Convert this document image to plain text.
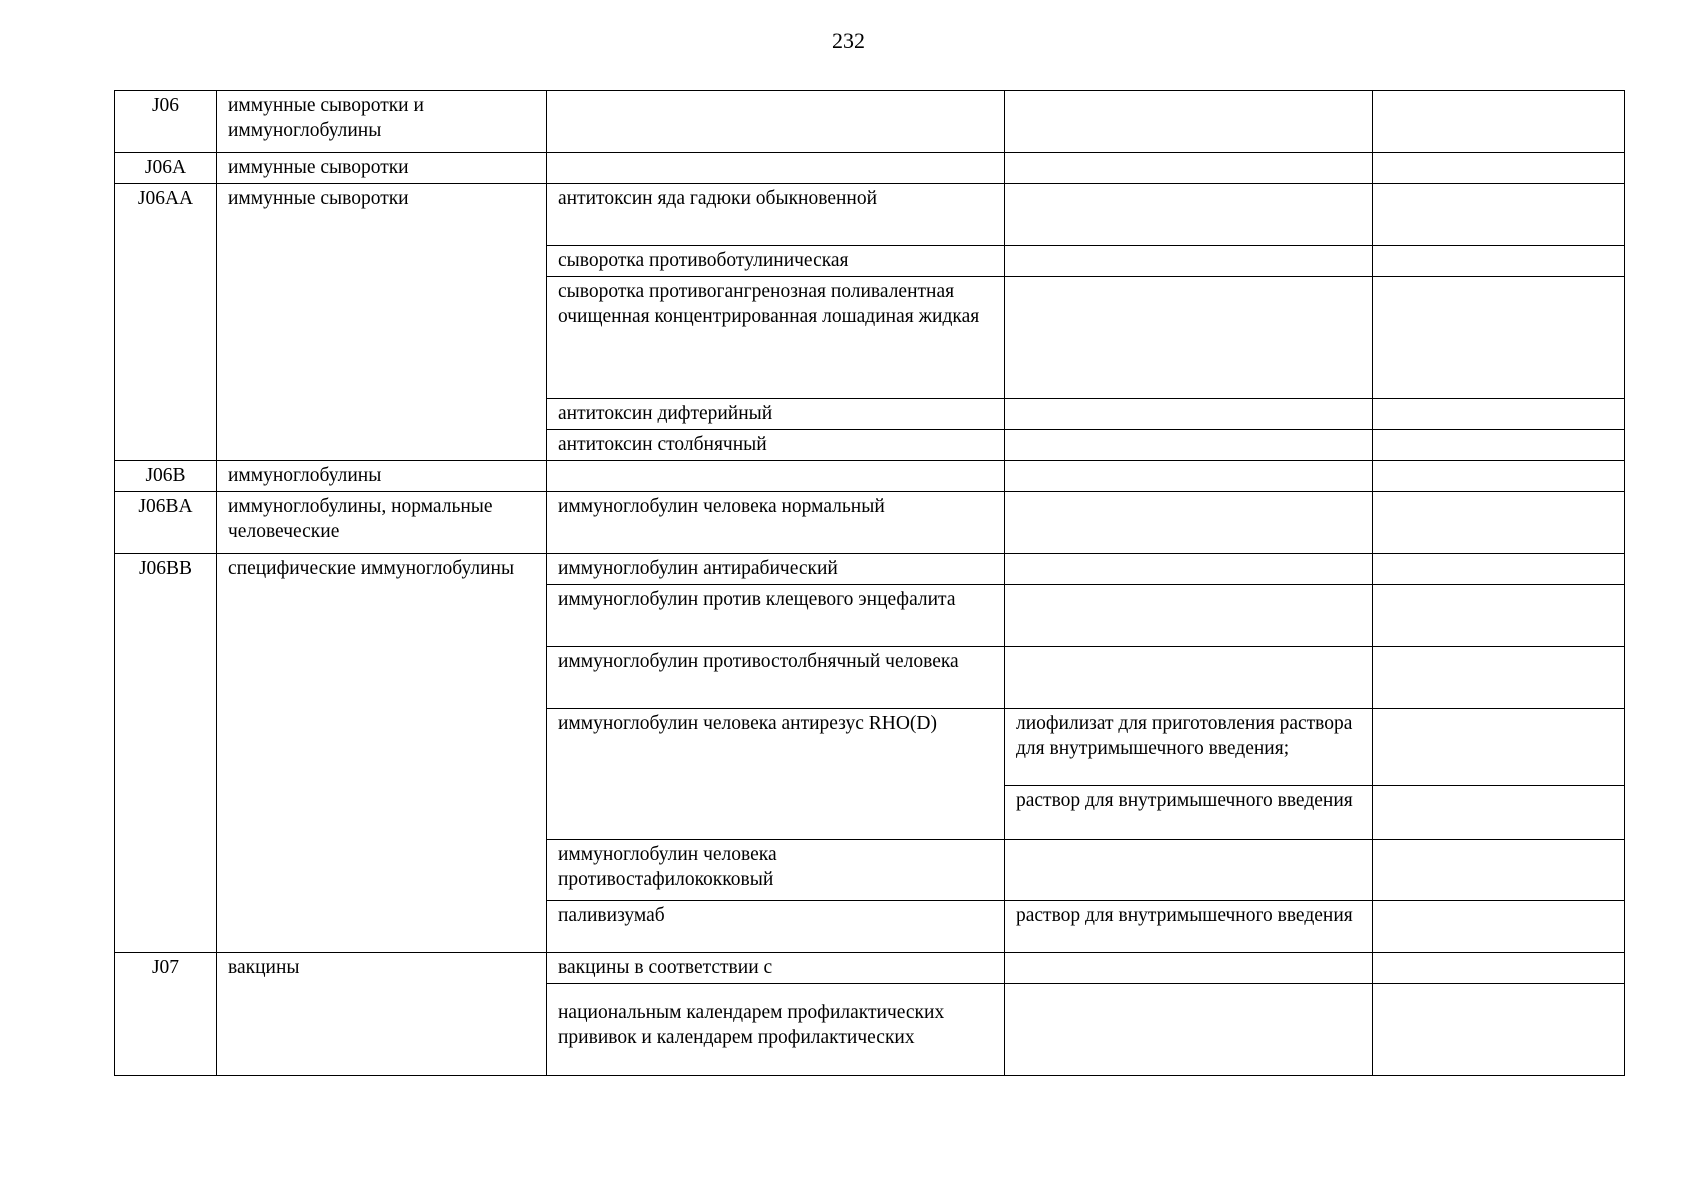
232
J06	иммунные сыворотки и иммуноглобулины			
J06A	иммунные сыворотки			
J06AA	иммунные сыворотки	антитоксин яда гадюки обыкновенной		
		сыворотка противоботулиническая		
		сыворотка противогангренозная поливалентная очищенная концентрированная лошадиная жидкая		
		антитоксин дифтерийный		
		антитоксин столбнячный		
J06B	иммуноглобулины			
J06BA	иммуноглобулины, нормальные человеческие	иммуноглобулин человека нормальный		
J06BB	специфические иммуноглобулины	иммуноглобулин антирабический		
		иммуноглобулин против клещевого энцефалита		
		иммуноглобулин противостолбнячный человека		
		иммуноглобулин человека антирезус RHO(D)	лиофилизат для приготовления раствора для внутримышечного введения;	
			раствор для внутримышечного введения	
		иммуноглобулин человека противостафилококковый		
		паливизумаб	раствор для внутримышечного введения	
J07	вакцины	вакцины в соответствии с		
		национальным календарем профилактических прививок и календарем профилактических		
